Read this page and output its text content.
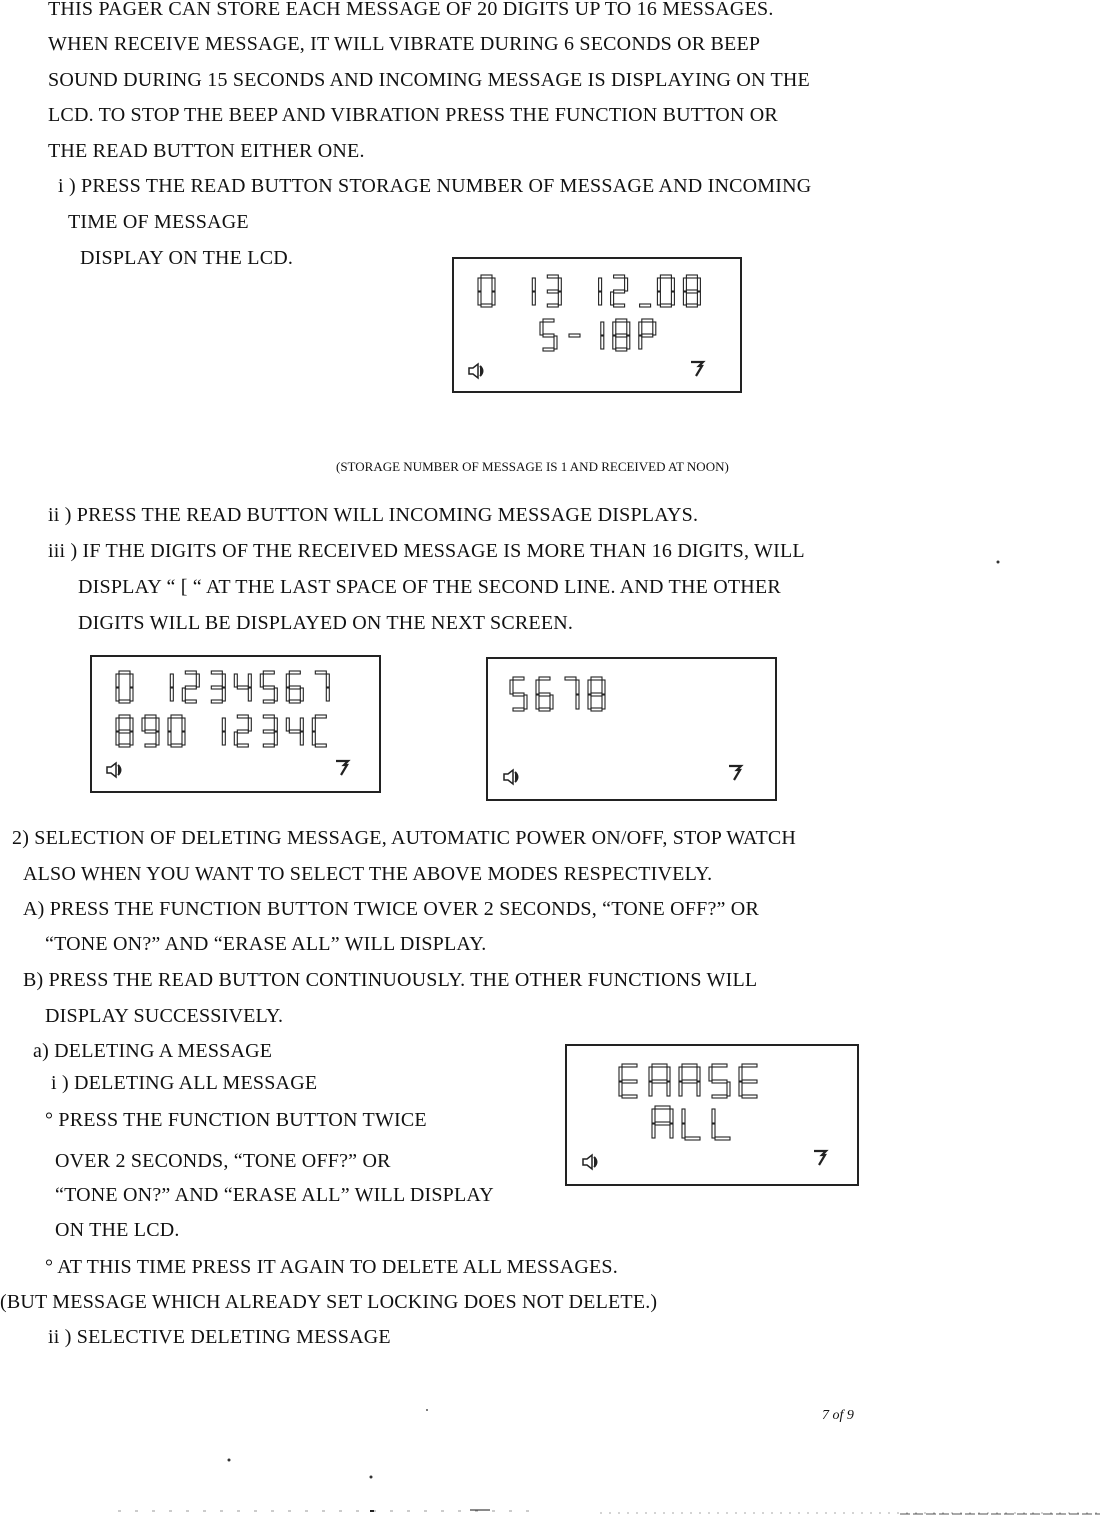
THIS PAGER CAN STORE EACH MESSAGE OF 20 DIGITS UP TO 16 MESSAGES.
WHEN RECEIVE MESSAGE, IT WILL VIBRATE DURING 6 SECONDS OR BEEP
SOUND DURING 15 SECONDS AND INCOMING MESSAGE IS DISPLAYING ON THE
LCD. TO STOP THE BEEP AND VIBRATION PRESS THE FUNCTION BUTTON OR
THE READ BUTTON EITHER ONE.
i ) PRESS THE READ BUTTON STORAGE NUMBER OF MESSAGE AND INCOMING
TIME OF MESSAGE
DISPLAY ON THE LCD.
(STORAGE NUMBER OF MESSAGE IS 1 AND RECEIVED AT NOON)
ii ) PRESS THE READ BUTTON WILL INCOMING MESSAGE DISPLAYS.
iii ) IF THE DIGITS OF THE RECEIVED MESSAGE IS MORE THAN 16 DIGITS, WILL
DISPLAY “ [ “ AT THE LAST SPACE OF THE SECOND LINE. AND THE OTHER
DIGITS WILL BE DISPLAYED ON THE NEXT SCREEN.
2) SELECTION OF DELETING MESSAGE, AUTOMATIC POWER ON/OFF, STOP WATCH
ALSO WHEN YOU WANT TO SELECT THE ABOVE MODES RESPECTIVELY.
A) PRESS THE FUNCTION BUTTON TWICE OVER 2 SECONDS, “TONE OFF?” OR
“TONE ON?” AND “ERASE ALL” WILL DISPLAY.
B) PRESS THE READ BUTTON CONTINUOUSLY. THE OTHER FUNCTIONS WILL
DISPLAY SUCCESSIVELY.
a) DELETING A MESSAGE
i ) DELETING ALL MESSAGE
° PRESS THE FUNCTION BUTTON TWICE
OVER 2 SECONDS, “TONE OFF?” OR
“TONE ON?” AND “ERASE ALL” WILL DISPLAY
ON THE LCD.
° AT THIS TIME PRESS IT AGAIN TO DELETE ALL MESSAGES.
(BUT MESSAGE WHICH ALREADY SET LOCKING DOES NOT DELETE.)
ii ) SELECTIVE DELETING MESSAGE
7 of 9
